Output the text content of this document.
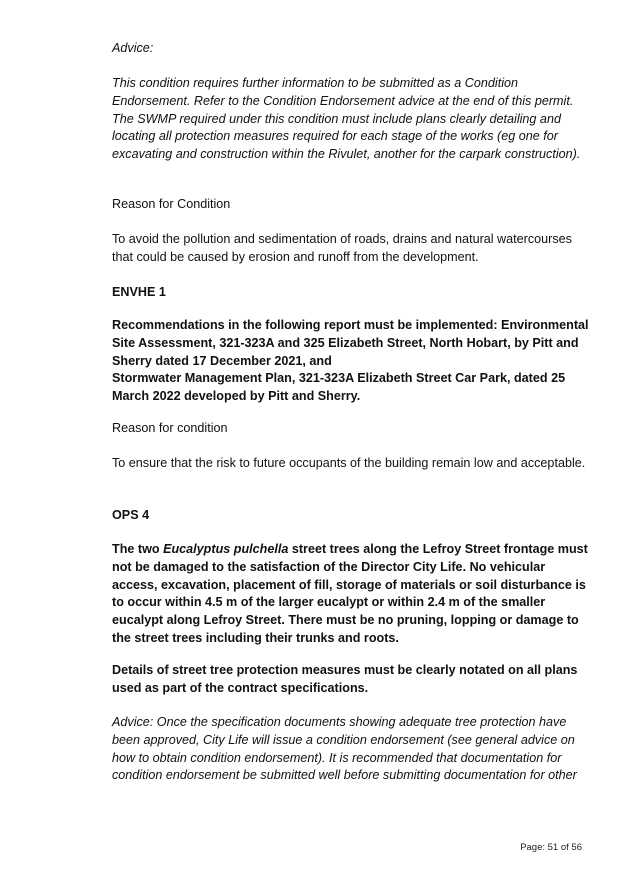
Advice:

This condition requires further information to be submitted as a Condition Endorsement. Refer to the Condition Endorsement advice at the end of this permit. The SWMP required under this condition must include plans clearly detailing and locating all protection measures required for each stage of the works (eg one for excavating and construction within the Rivulet, another for the carpark construction).

Reason for Condition

To avoid the pollution and sedimentation of roads, drains and natural watercourses that could be caused by erosion and runoff from the development.

ENVHE 1

Recommendations in the following report must be implemented: Environmental Site Assessment, 321-323A and 325 Elizabeth Street, North Hobart, by Pitt and Sherry dated 17 December 2021, and
Stormwater Management Plan, 321-323A Elizabeth Street Car Park, dated 25 March 2022 developed by Pitt and Sherry.

Reason for condition

To ensure that the risk to future occupants of the building remain low and acceptable.

OPS 4

The two Eucalyptus pulchella street trees along the Lefroy Street frontage must not be damaged to the satisfaction of the Director City Life. No vehicular access, excavation, placement of fill, storage of materials or soil disturbance is to occur within 4.5 m of the larger eucalypt or within 2.4 m of the smaller eucalypt along Lefroy Street. There must be no pruning, lopping or damage to the street trees including their trunks and roots.

Details of street tree protection measures must be clearly notated on all plans used as part of the contract specifications.

Advice: Once the specification documents showing adequate tree protection have been approved, City Life will issue a condition endorsement (see general advice on how to obtain condition endorsement). It is recommended that documentation for condition endorsement be submitted well before submitting documentation for other

Page: 51 of 56
